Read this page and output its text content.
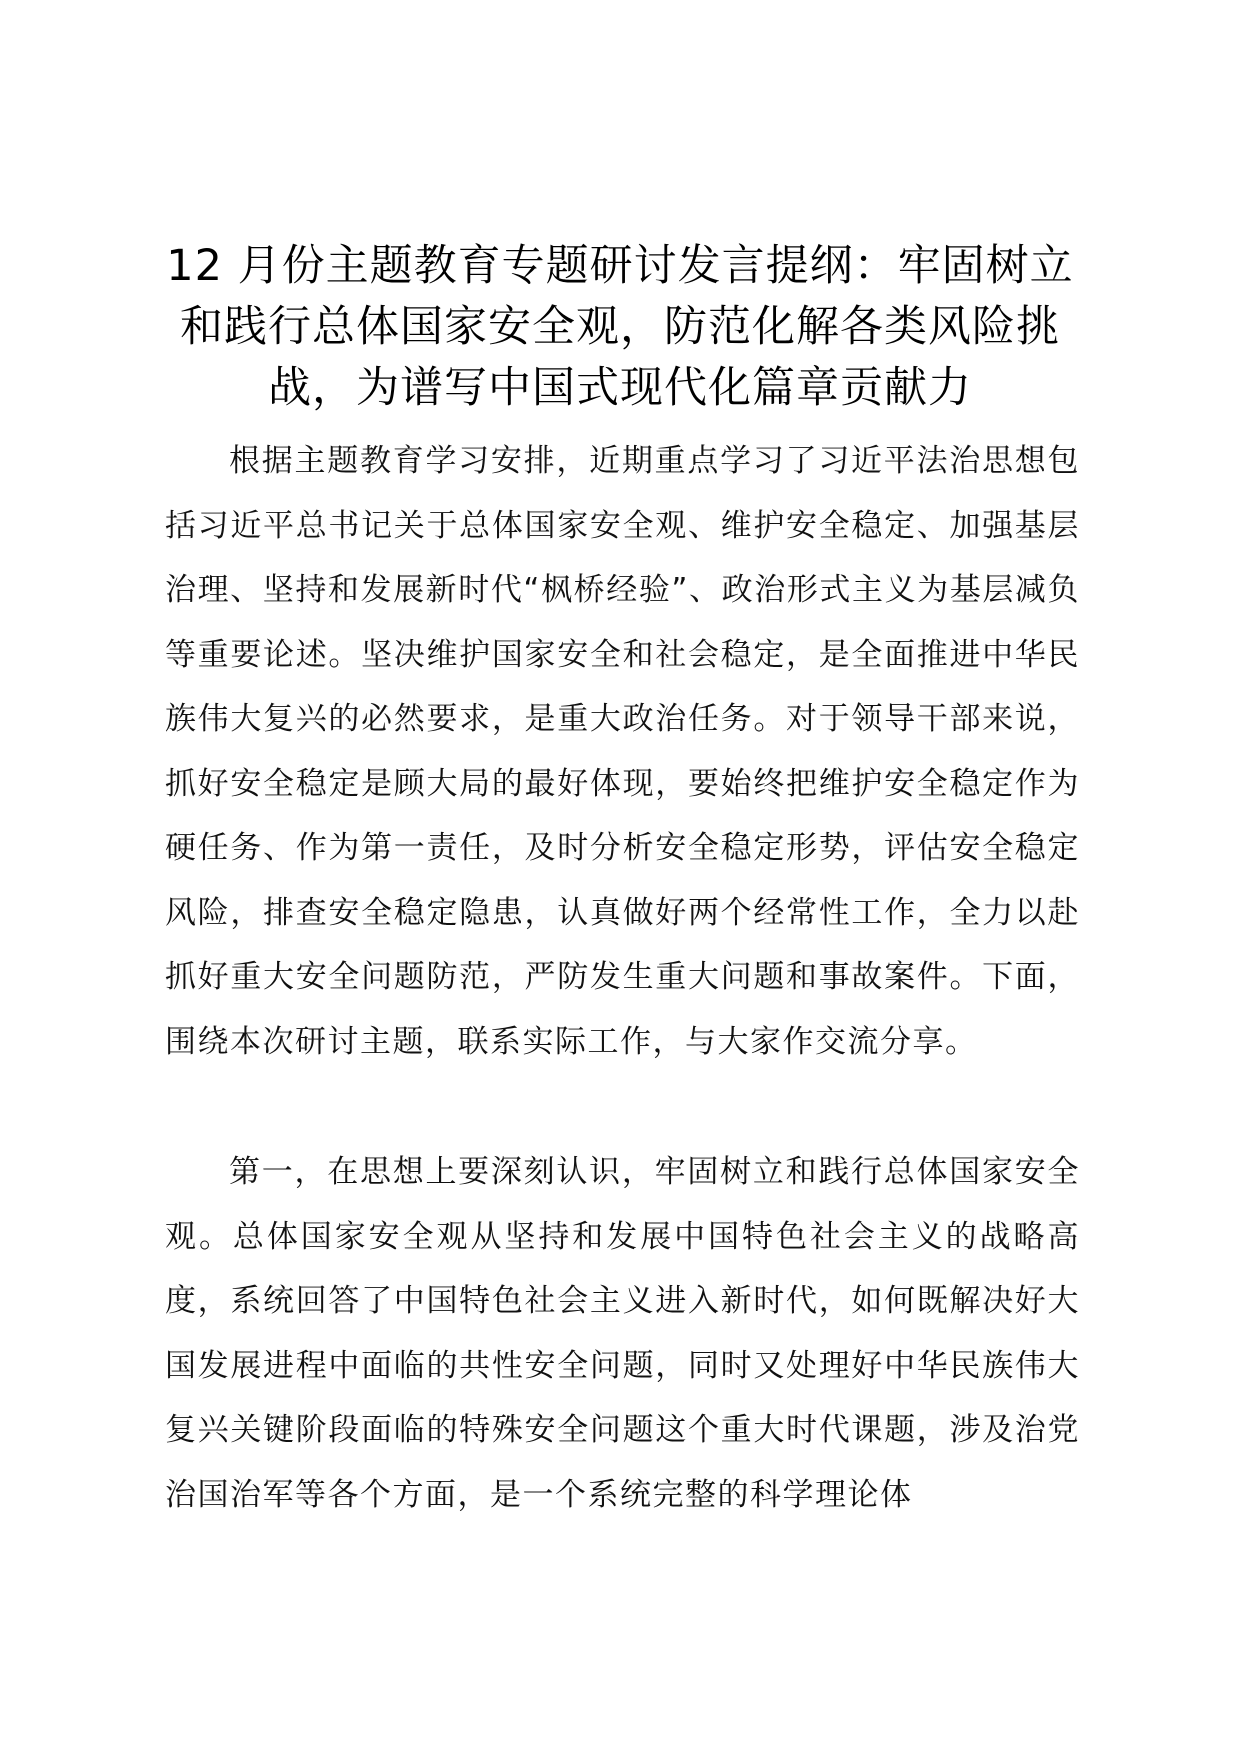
12 月份主题教育专题研讨发言提纲：牢固树立和践行总体国家安全观，防范化解各类风险挑战，为谱写中国式现代化篇章贡献力

根据主题教育学习安排，近期重点学习了习近平法治思想包括习近平总书记关于总体国家安全观、维护安全稳定、加强基层治理、坚持和发展新时代“枫桥经验”、政治形式主义为基层减负等重要论述。坚决维护国家安全和社会稳定，是全面推进中华民族伟大复兴的必然要求，是重大政治任务。对于领导干部来说，抓好安全稳定是顾大局的最好体现，要始终把维护安全稳定作为硬任务、作为第一责任，及时分析安全稳定形势，评估安全稳定风险，排查安全稳定隐患，认真做好两个经常性工作，全力以赴抓好重大安全问题防范，严防发生重大问题和事故案件。下面，围绕本次研讨主题，联系实际工作，与大家作交流分享。

第一，在思想上要深刻认识，牢固树立和践行总体国家安全观。总体国家安全观从坚持和发展中国特色社会主义的战略高度，系统回答了中国特色社会主义进入新时代，如何既解决好大国发展进程中面临的共性安全问题，同时又处理好中华民族伟大复兴关键阶段面临的特殊安全问题这个重大时代课题，涉及治党治国治军等各个方面，是一个系统完整的科学理论体
